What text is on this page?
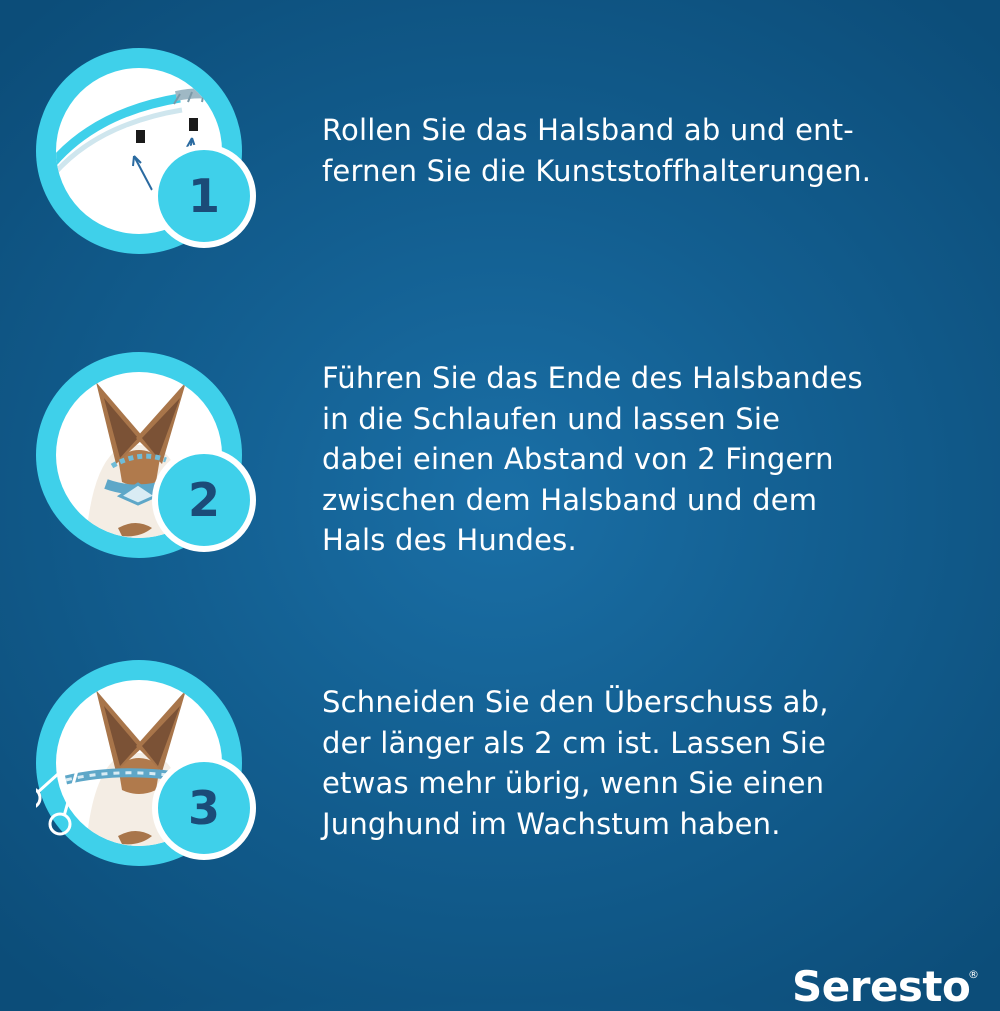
1
Rollen Sie das Halsband ab und ent-
fernen Sie die Kunststoffhalterungen.
2
Führen Sie das Ende des Halsbandes
in die Schlaufen und lassen Sie
dabei einen Abstand von 2 Fingern
zwischen dem Halsband und dem
Hals des Hundes.
3
Schneiden Sie den Überschuss ab,
der länger als 2 cm ist. Lassen Sie
etwas mehr übrig, wenn Sie einen
Junghund im Wachstum haben.
Seresto
®
